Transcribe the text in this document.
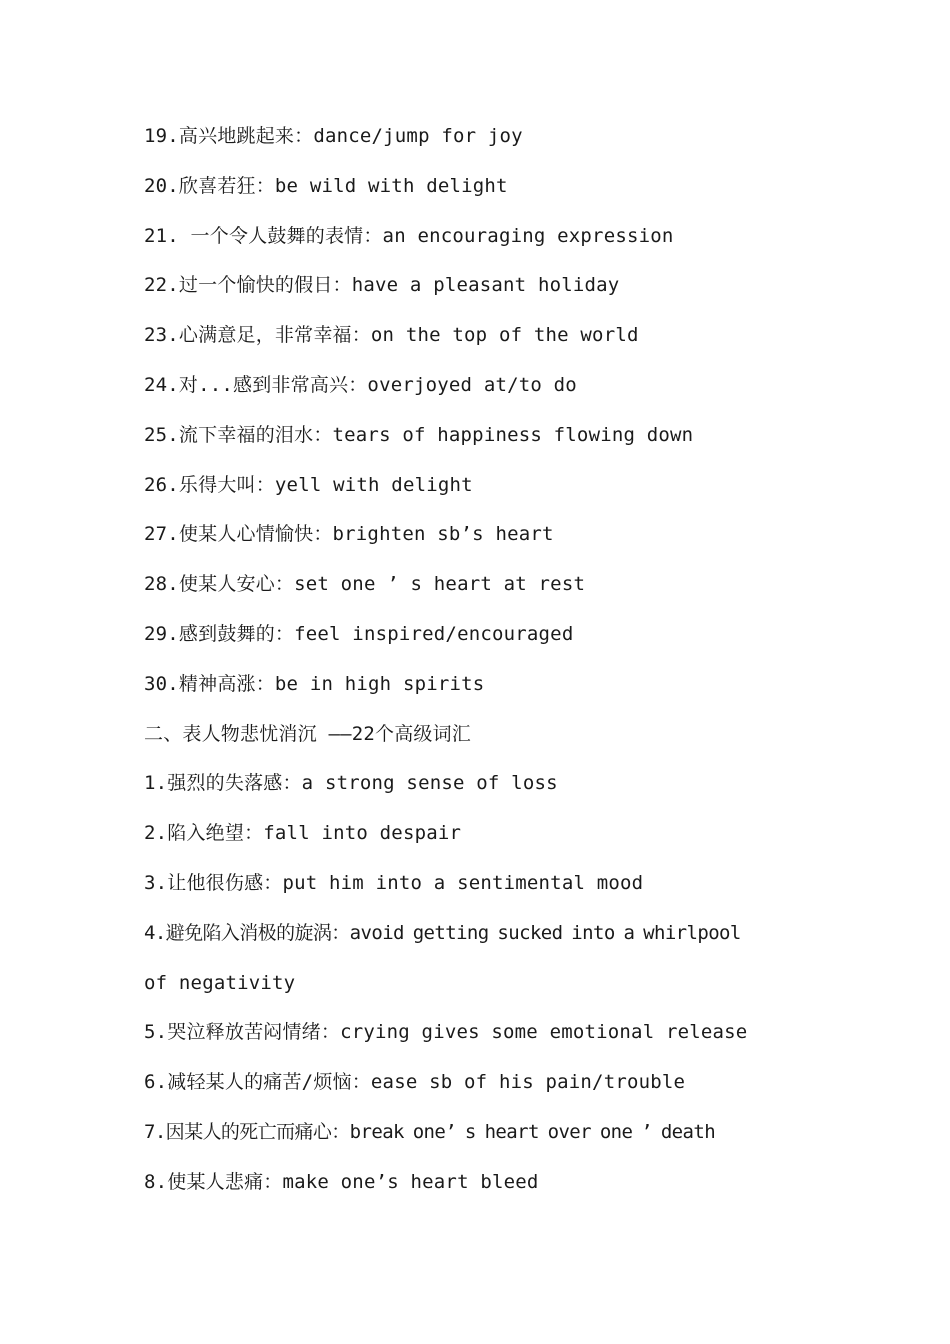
19.高兴地跳起来：dance/jump for joy
20.欣喜若狂：be wild with delight
21. 一个令人鼓舞的表情：an encouraging expression
22.过一个愉快的假日：have a pleasant holiday
23.心满意足，非常幸福：on the top of the world
24.对...感到非常高兴：overjoyed at/to do
25.流下幸福的泪水：tears of happiness flowing down
26.乐得大叫：yell with delight
27.使某人心情愉快：brighten sb’s heart
28.使某人安心：set one ’ s heart at rest
29.感到鼓舞的：feel inspired/encouraged
30.精神高涨：be in high spirits
二、表人物悲忧消沉 ——22个高级词汇
1.强烈的失落感：a strong sense of loss
2.陷入绝望：fall into despair
3.让他很伤感：put him into a sentimental mood
4.避免陷入消极的旋涡：avoid getting sucked into a whirlpool
of negativity
5.哭泣释放苦闷情绪：crying gives some emotional release
6.减轻某人的痛苦/烦恼：ease sb of his pain/trouble
7.因某人的死亡而痛心：break one’ s heart over one ’ death
8.使某人悲痛：make one’s heart bleed
